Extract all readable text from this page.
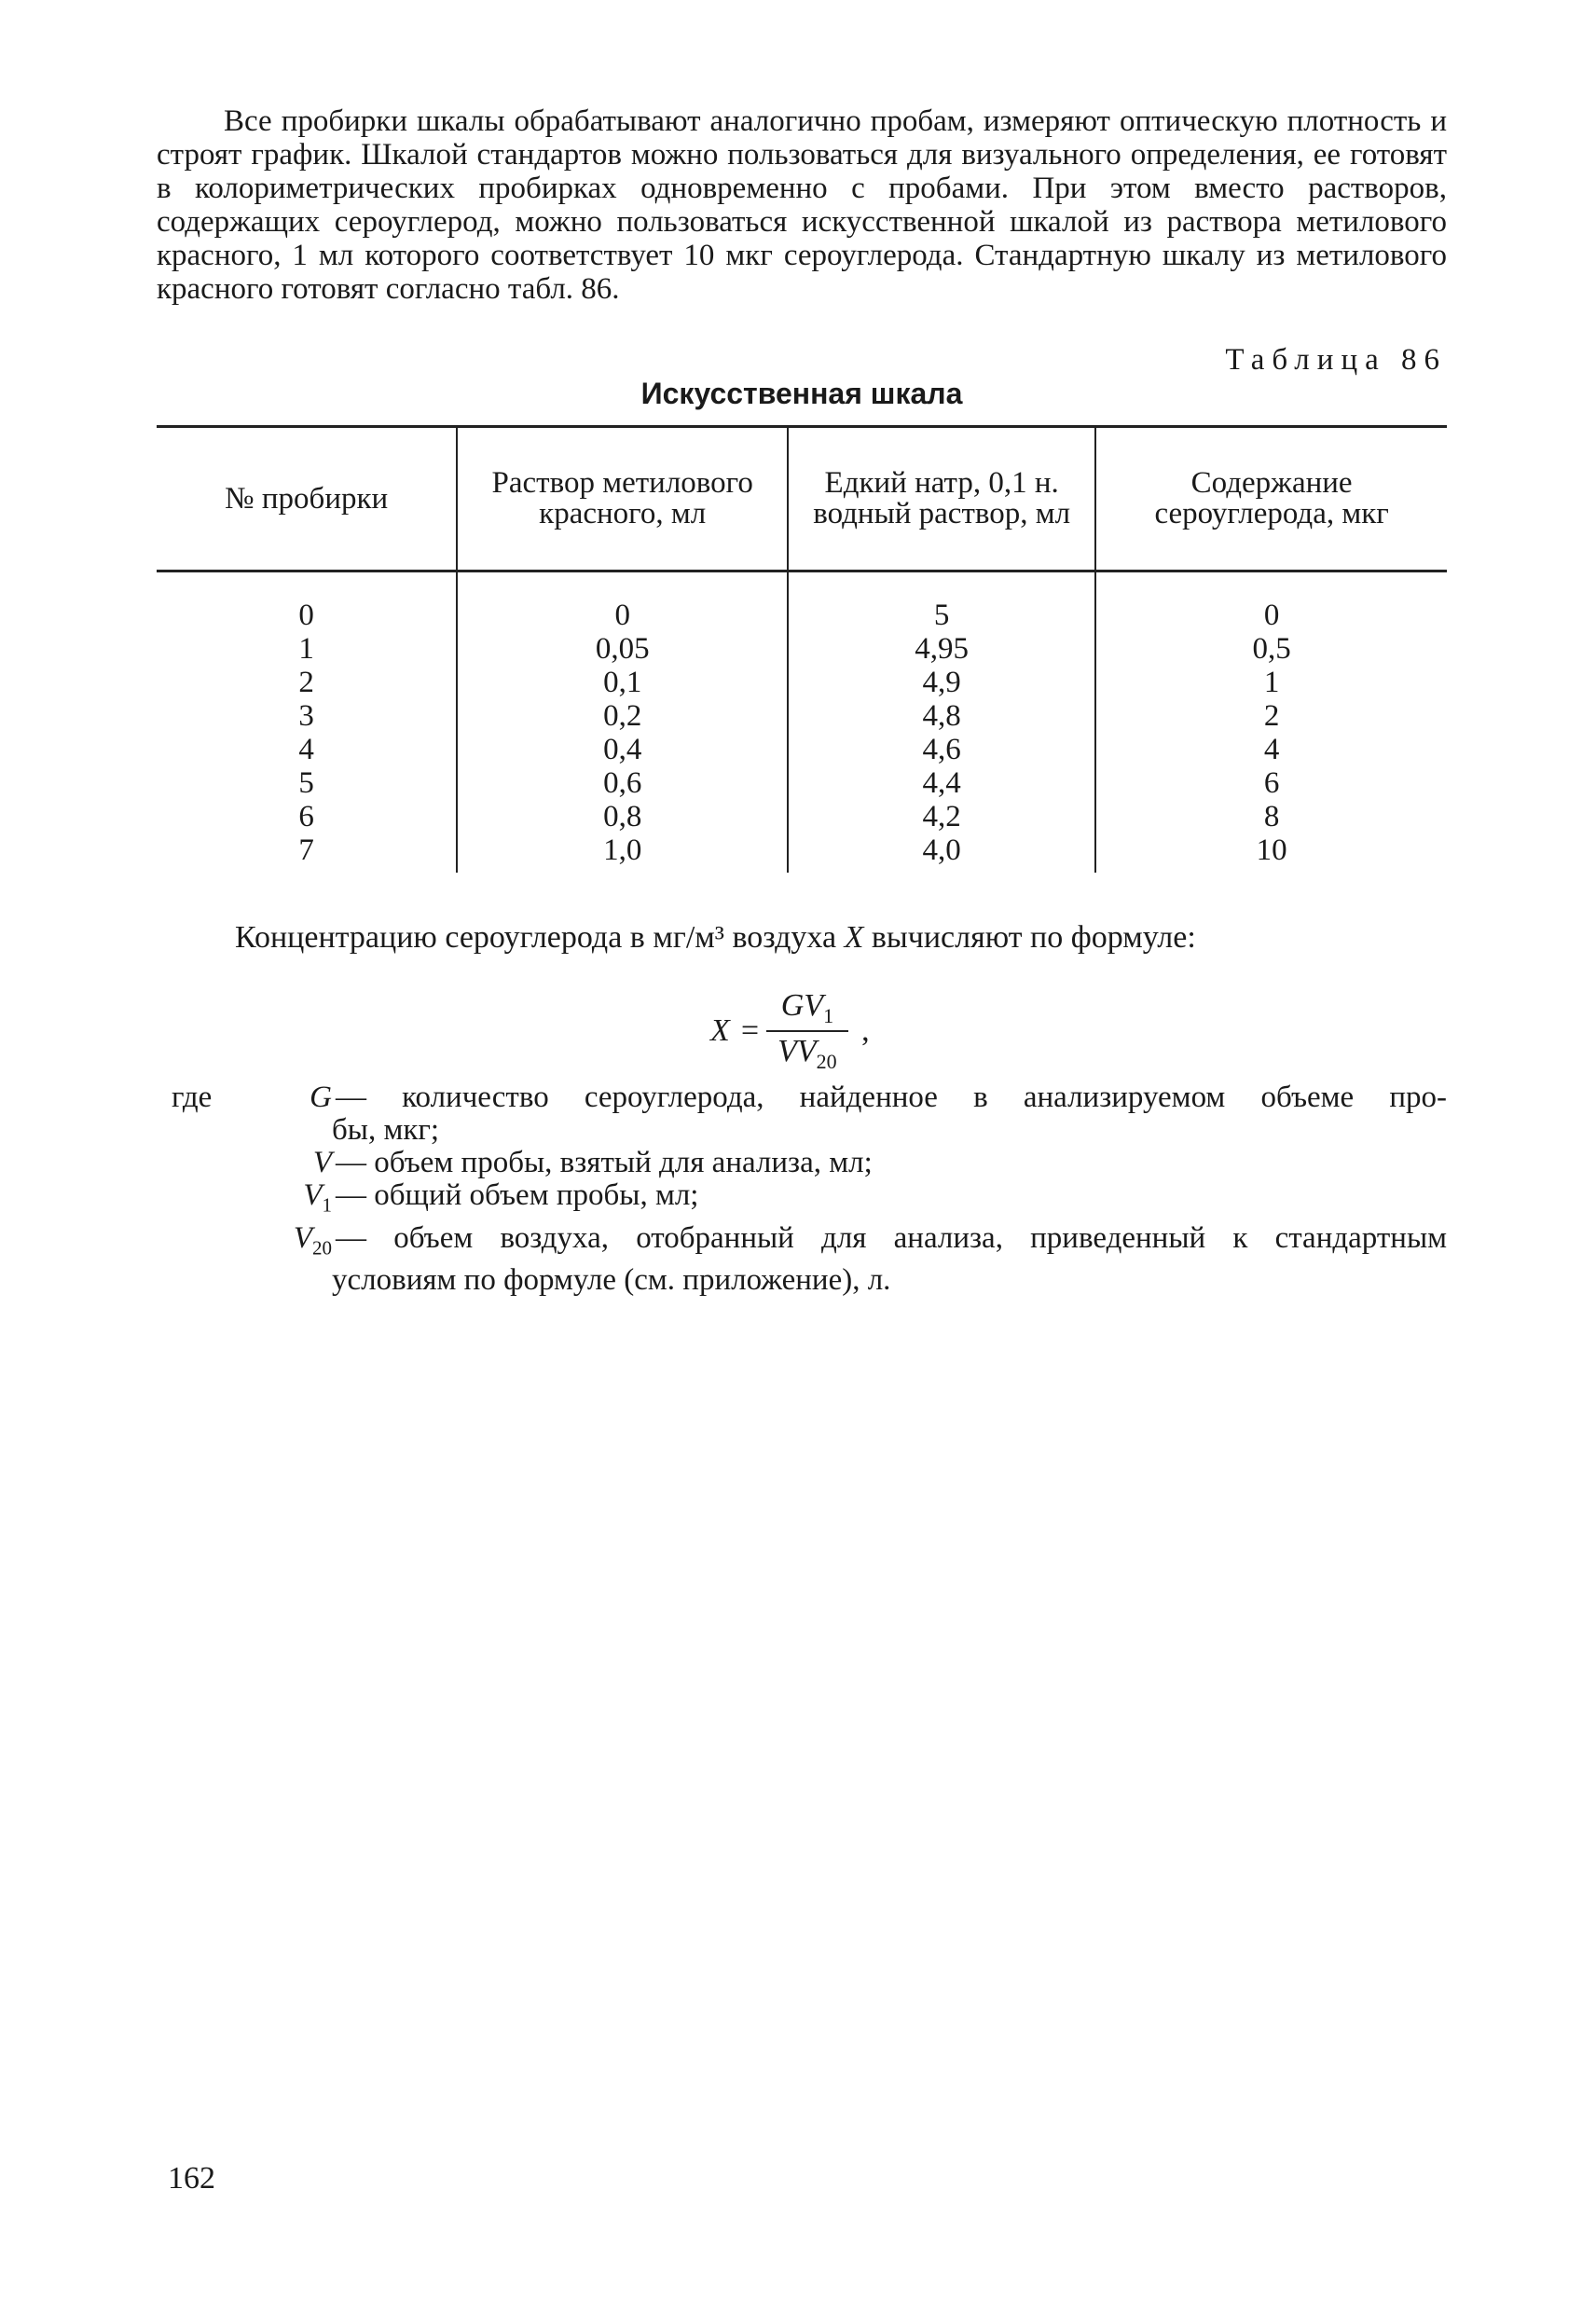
Все пробирки шкалы обрабатывают аналогично пробам, измеряют оптическую плотность и строят график. Шкалой стандартов можно пользоваться для визуального определения, ее готовят в колориметрических пробирках одновременно с пробами. При этом вместо растворов, содержащих сероуглерод, можно пользоваться искусственной шкалой из раствора метилового красного, 1 мл которого соответствует 10 мкг сероуглерода. Стандартную шкалу из метилового красного готовят согласно табл. 86.

Таблица 86
Искусственная шкала
№ пробирки	Раствор метилового красного, мл	Едкий натр, 0,1 н. водный раствор, мл	Содержание сероуглерода, мкг

0	0	5	0
1	0,05	4,95	0,5
2	0,1	4,9	1
3	0,2	4,8	2
4	0,4	4,6	4
5	0,6	4,4	6
6	0,8	4,2	8
7	1,0	4,0	10
Концентрацию сероуглерода в мг/м³ воздуха X вычисляют по формуле:
$X = \frac{GV_1}{VV_{20}}$ ,
где	G — количество сероуглерода, найденное в анализируемом объеме про-
бы, мкг;
V — объем пробы, взятый для анализа, мл;
$V_1$ — общий объем пробы, мл;
$V_{20}$ — объем воздуха, отобранный для анализа, приведенный к стандартным
условиям по формуле (см. приложение), л.
162
